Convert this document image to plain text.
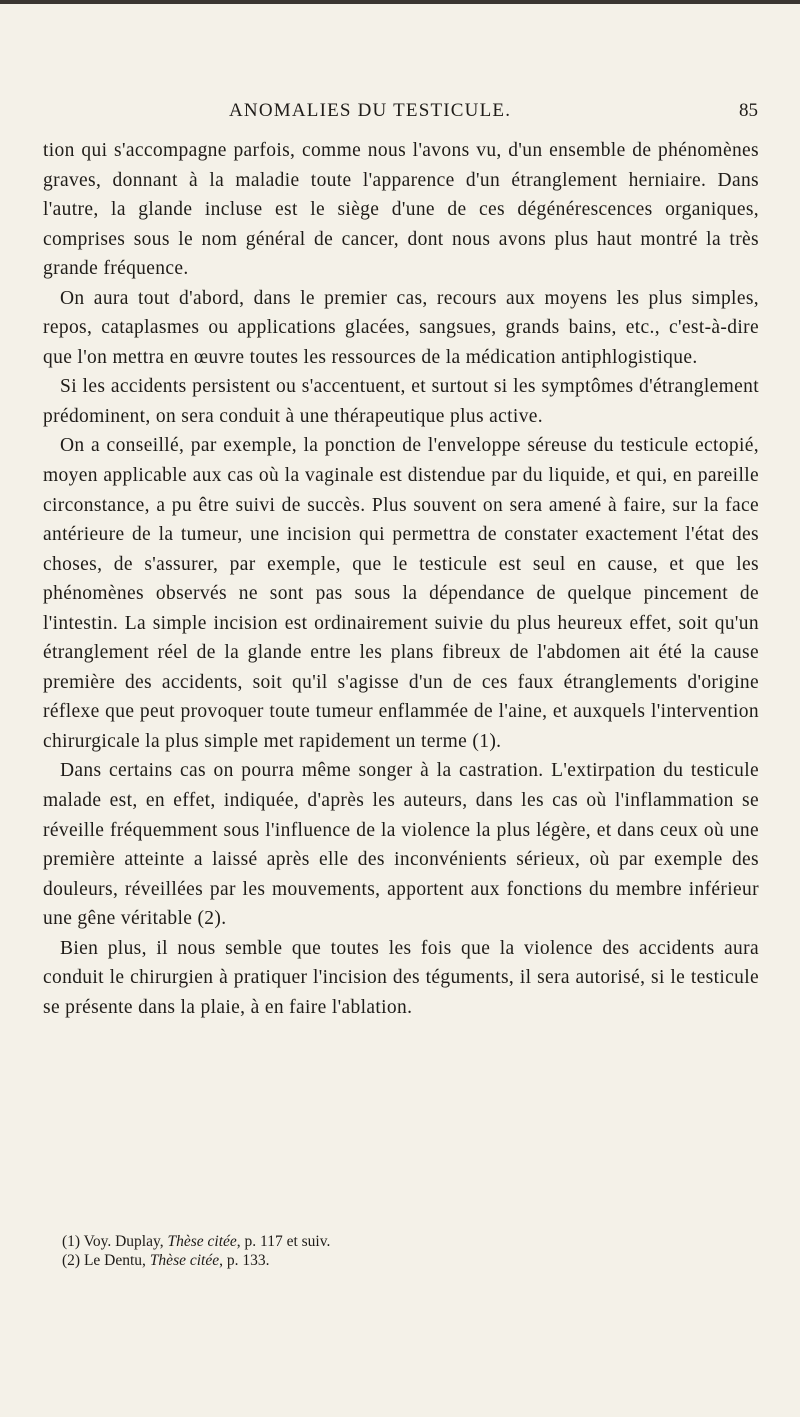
ANOMALIES DU TESTICULE.	85

tion qui s'accompagne parfois, comme nous l'avons vu, d'un ensemble de phénomènes graves, donnant à la maladie toute l'apparence d'un étranglement herniaire. Dans l'autre, la glande incluse est le siège d'une de ces dégénérescences organiques, comprises sous le nom général de cancer, dont nous avons plus haut montré la très grande fréquence.

On aura tout d'abord, dans le premier cas, recours aux moyens les plus simples, repos, cataplasmes ou applications glacées, sangsues, grands bains, etc., c'est-à-dire que l'on mettra en œuvre toutes les ressources de la médication antiphlogistique.

Si les accidents persistent ou s'accentuent, et surtout si les symptômes d'étranglement prédominent, on sera conduit à une thérapeutique plus active.

On a conseillé, par exemple, la ponction de l'enveloppe séreuse du testicule ectopié, moyen applicable aux cas où la vaginale est distendue par du liquide, et qui, en pareille circonstance, a pu être suivi de succès. Plus souvent on sera amené à faire, sur la face antérieure de la tumeur, une incision qui permettra de constater exactement l'état des choses, de s'assurer, par exemple, que le testicule est seul en cause, et que les phénomènes observés ne sont pas sous la dépendance de quelque pincement de l'intestin. La simple incision est ordinairement suivie du plus heureux effet, soit qu'un étranglement réel de la glande entre les plans fibreux de l'abdomen ait été la cause première des accidents, soit qu'il s'agisse d'un de ces faux étranglements d'origine réflexe que peut provoquer toute tumeur enflammée de l'aine, et auxquels l'intervention chirurgicale la plus simple met rapidement un terme (1).

Dans certains cas on pourra même songer à la castration. L'extirpation du testicule malade est, en effet, indiquée, d'après les auteurs, dans les cas où l'inflammation se réveille fréquemment sous l'influence de la violence la plus légère, et dans ceux où une première atteinte a laissé après elle des inconvénients sérieux, où par exemple des douleurs, réveillées par les mouvements, apportent aux fonctions du membre inférieur une gêne véritable (2).

Bien plus, il nous semble que toutes les fois que la violence des accidents aura conduit le chirurgien à pratiquer l'incision des téguments, il sera autorisé, si le testicule se présente dans la plaie, à en faire l'ablation.

(1) Voy. Duplay, Thèse citée, p. 117 et suiv.

(2) Le Dentu, Thèse citée, p. 133.
